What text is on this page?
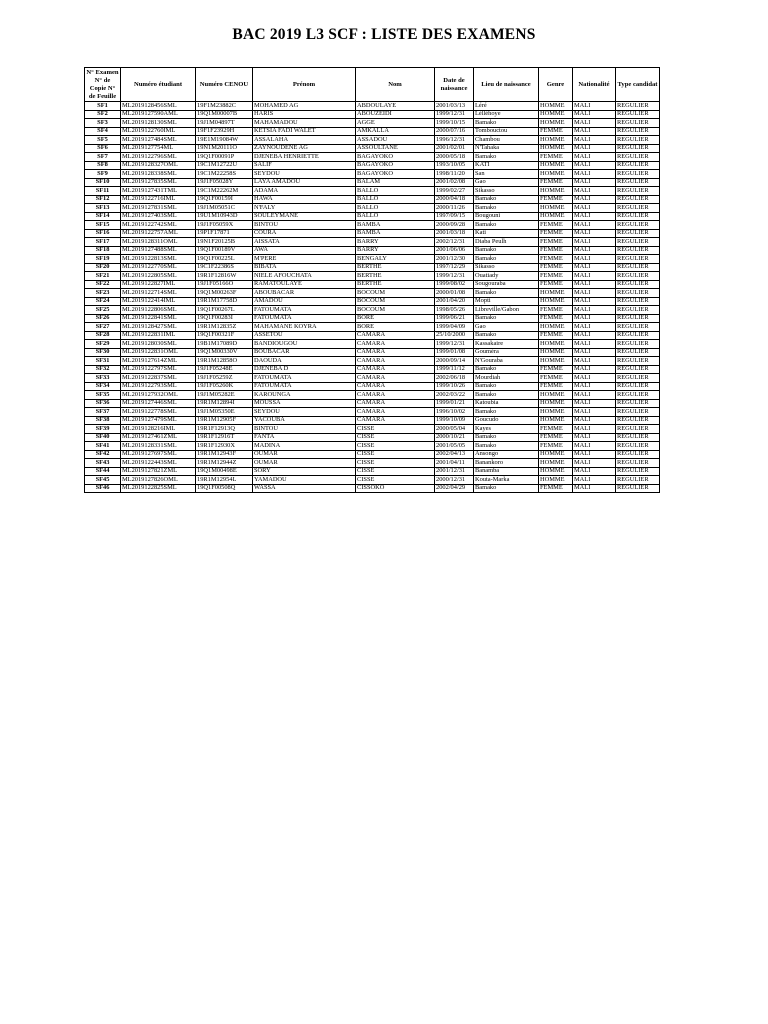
BAC 2019 L3 SCF : LISTE DES EXAMENS
N° Examen N° de Copie N° de Feuille	Numéro étudiant	Numéro CENOU	Prénom	Nom	Date de naissance	Lieu de naissance	Genre	Nationalité	Type candidat
SF1	ML2019128456SML	19F1M23882C	MOHAMED AG	ABDOULAYE	2001/03/13	Léré	HOMME	MALI	REGULIER
SF2	ML2019127590AML	19Q1M00007B	HARIS	ABOUZEIDI	1999/12/31	Lélléhoye	HOMME	MALI	REGULIER
SF3	ML2019128130SML	19J1M04897T	MAHAMADOU	AGGE	1999/10/15	Bamako	HOMME	MALI	REGULIER
SF4	ML2019122760IML	19F1F23929H	KETSIA FADI WALET	AMKALLA	2000/07/16	Tombouctou	FEMME	MALI	REGULIER
SF5	ML2019127484SML	19E1M19084W	ASSALAHA	ASSADOU	1996/12/31	Chambou	HOMME	MALI	REGULIER
SF6	ML2019127754ML	19N1M20111O	ZAYNOUDÈNE AG	ASSOULTANE	2001/02/01	N'Tahaka	HOMME	MALI	REGULIER
SF7	ML2019122796SML	19Q1F00091P	DJENEBA HENRIETTE	BAGAYOKO	2000/05/18	Bamako	FEMME	MALI	REGULIER
SF8	ML2019128327OML	19C1M12722U	SALIF	BAGAYOKO	1993/10/05	KATI	HOMME	MALI	REGULIER
SF9	ML2019128338SML	19C1M22258S	SEYDOU	BAGAYOKO	1998/11/20	San	HOMME	MALI	REGULIER
SF10	ML2019127835SML	19J1F05028Y	LAYA AMADOU	BALAM	2001/02/08	Gao	FEMME	MALI	REGULIER
SF11	ML2019127431TML	19C1M22262M	ADAMA	BALLO	1999/02/27	Sikasso	HOMME	MALI	REGULIER
SF12	ML2019122716IML	19Q1F00159I	HAWA	BALLO	2000/04/18	Bamako	FEMME	MALI	REGULIER
SF13	ML2019127831SML	19J1M05051C	N'FALY	BALLO	2000/11/26	Bamako	HOMME	MALI	REGULIER
SF14	ML2019127403SML	19U1M10943D	SOULEYMANE	BALLO	1997/09/15	Bougouni	HOMME	MALI	REGULIER
SF15	ML2019122742SML	19J1F05059X	BINTOU	BAMBA	2000/09/28	Bamako	FEMME	MALI	REGULIER
SF16	ML2019122757AML	19P1F17871	COURA	BAMBA	2001/03/18	Kati	FEMME	MALI	REGULIER
SF17	ML2019128311OML	19N1F20125B	AISSATA	BARRY	2002/12/31	Diaba Peulh	FEMME	MALI	REGULIER
SF18	ML2019127488SML	19Q1F00189V	AWA	BARRY	2001/06/06	Bamako	FEMME	MALI	REGULIER
SF19	ML2019122813SML	19Q1F00225L	M'PERE	BENGALY	2001/12/30	Bamako	FEMME	MALI	REGULIER
SF20	ML2019122770SML	19C1F22386S	BIBATA	BERTHE	1997/12/29	Sikasso	FEMME	MALI	REGULIER
SF21	ML2019122805SML	19R1F12816W	NIELE AFOUCHATA	BERTHE	1999/12/31	Ouatiady	FEMME	MALI	REGULIER
SF22	ML2019122827IML	19J1F05166O	RAMATOULAYE	BERTHE	1999/08/02	Sougouraba	FEMME	MALI	REGULIER
SF23	ML2019122714SML	19Q1M00263F	ABOUBACAR	BOCOUM	2000/01/08	Bamako	HOMME	MALI	REGULIER
SF24	ML2019122414IML	19R1M17758D	AMADOU	BOCOUM	2001/04/20	Mopti	HOMME	MALI	REGULIER
SF25	ML2019122806SML	19Q1F00267L	FATOUMATA	BOCOUM	1998/05/26	Libreville/Gabon	FEMME	MALI	REGULIER
SF26	ML2019122841SML	19Q1F00283I	FATOUMATA	BORE	1999/06/21	Bamako	FEMME	MALI	REGULIER
SF27	ML2019128427SML	19R1M12835Z	MAHAMANE KOYRA	BORE	1999/04/09	Gao	HOMME	MALI	REGULIER
SF28	ML2019122831IML	19Q1F00321F	ASSETOU	CAMARA	25/10/2000	Bamako	FEMME	MALI	REGULIER
SF29	ML2019128030SML	19B1M17089D	BANDIOUGOU	CAMARA	1999/12/31	Kassakaire	HOMME	MALI	REGULIER
SF30	ML2019122831OML	19Q1M00330V	BOUBACAR	CAMARA	1999/01/08	Gouméra	HOMME	MALI	REGULIER
SF31	ML2019127614ZML	19R1M12858O	DAOUDA	CAMARA	2000/09/14	N'Gouraba	HOMME	MALI	REGULIER
SF32	ML2019122797SML	19J1F05248E	DJENEBA D	CAMARA	1999/11/12	Bamako	FEMME	MALI	REGULIER
SF33	ML2019122837SML	19J1F05259Z	FATOUMATA	CAMARA	2002/06/18	Mourdiah	FEMME	MALI	REGULIER
SF34	ML2019122793SML	19J1F05260K	FATOUMATA	CAMARA	1999/10/26	Bamako	FEMME	MALI	REGULIER
SF35	ML2019127932OML	19J1M05282E	KAROUNGA	CAMARA	2002/03/22	Bamako	HOMME	MALI	REGULIER
SF36	ML2019127446SML	19R1M12894I	MOUSSA	CAMARA	1999/01/21	Katoubia	HOMME	MALI	REGULIER
SF37	ML2019122778SML	19J1M05350E	SEYDOU	CAMARA	1996/10/02	Bamako	HOMME	MALI	REGULIER
SF38	ML2019127479SML	19R1M12905F	YACOUBA	CAMARA	1999/10/09	Goucudo	HOMME	MALI	REGULIER
SF39	ML2019128216IML	19R1F12913Q	BINTOU	CISSE	2000/05/04	Kayes	FEMME	MALI	REGULIER
SF40	ML2019127461ZML	19R1F12916T	FANTA	CISSE	2000/10/21	Bamako	FEMME	MALI	REGULIER
SF41	ML2019128331SML	19R1F12930X	MADINA	CISSE	2001/05/05	Bamako	FEMME	MALI	REGULIER
SF42	ML2019127697SML	19R1M12943F	OUMAR	CISSE	2002/04/13	Ansongo	HOMME	MALI	REGULIER
SF43	ML2019122443SML	19R1M12944Z	OUMAR	CISSE	2001/04/11	Banankoro	HOMME	MALI	REGULIER
SF44	ML2019127821ZML	19Q1M00498E	SORY	CISSE	2001/12/31	Banamba	HOMME	MALI	REGULIER
SF45	ML2019127826OML	19R1M12954L	YAMADOU	CISSE	2000/12/31	Kouta-Marka	HOMME	MALI	REGULIER
SF46	ML2019122825SML	19Q1F00508Q	WASSA	CISSOKO	2002/04/29	Bamako	FEMME	MALI	REGULIER
